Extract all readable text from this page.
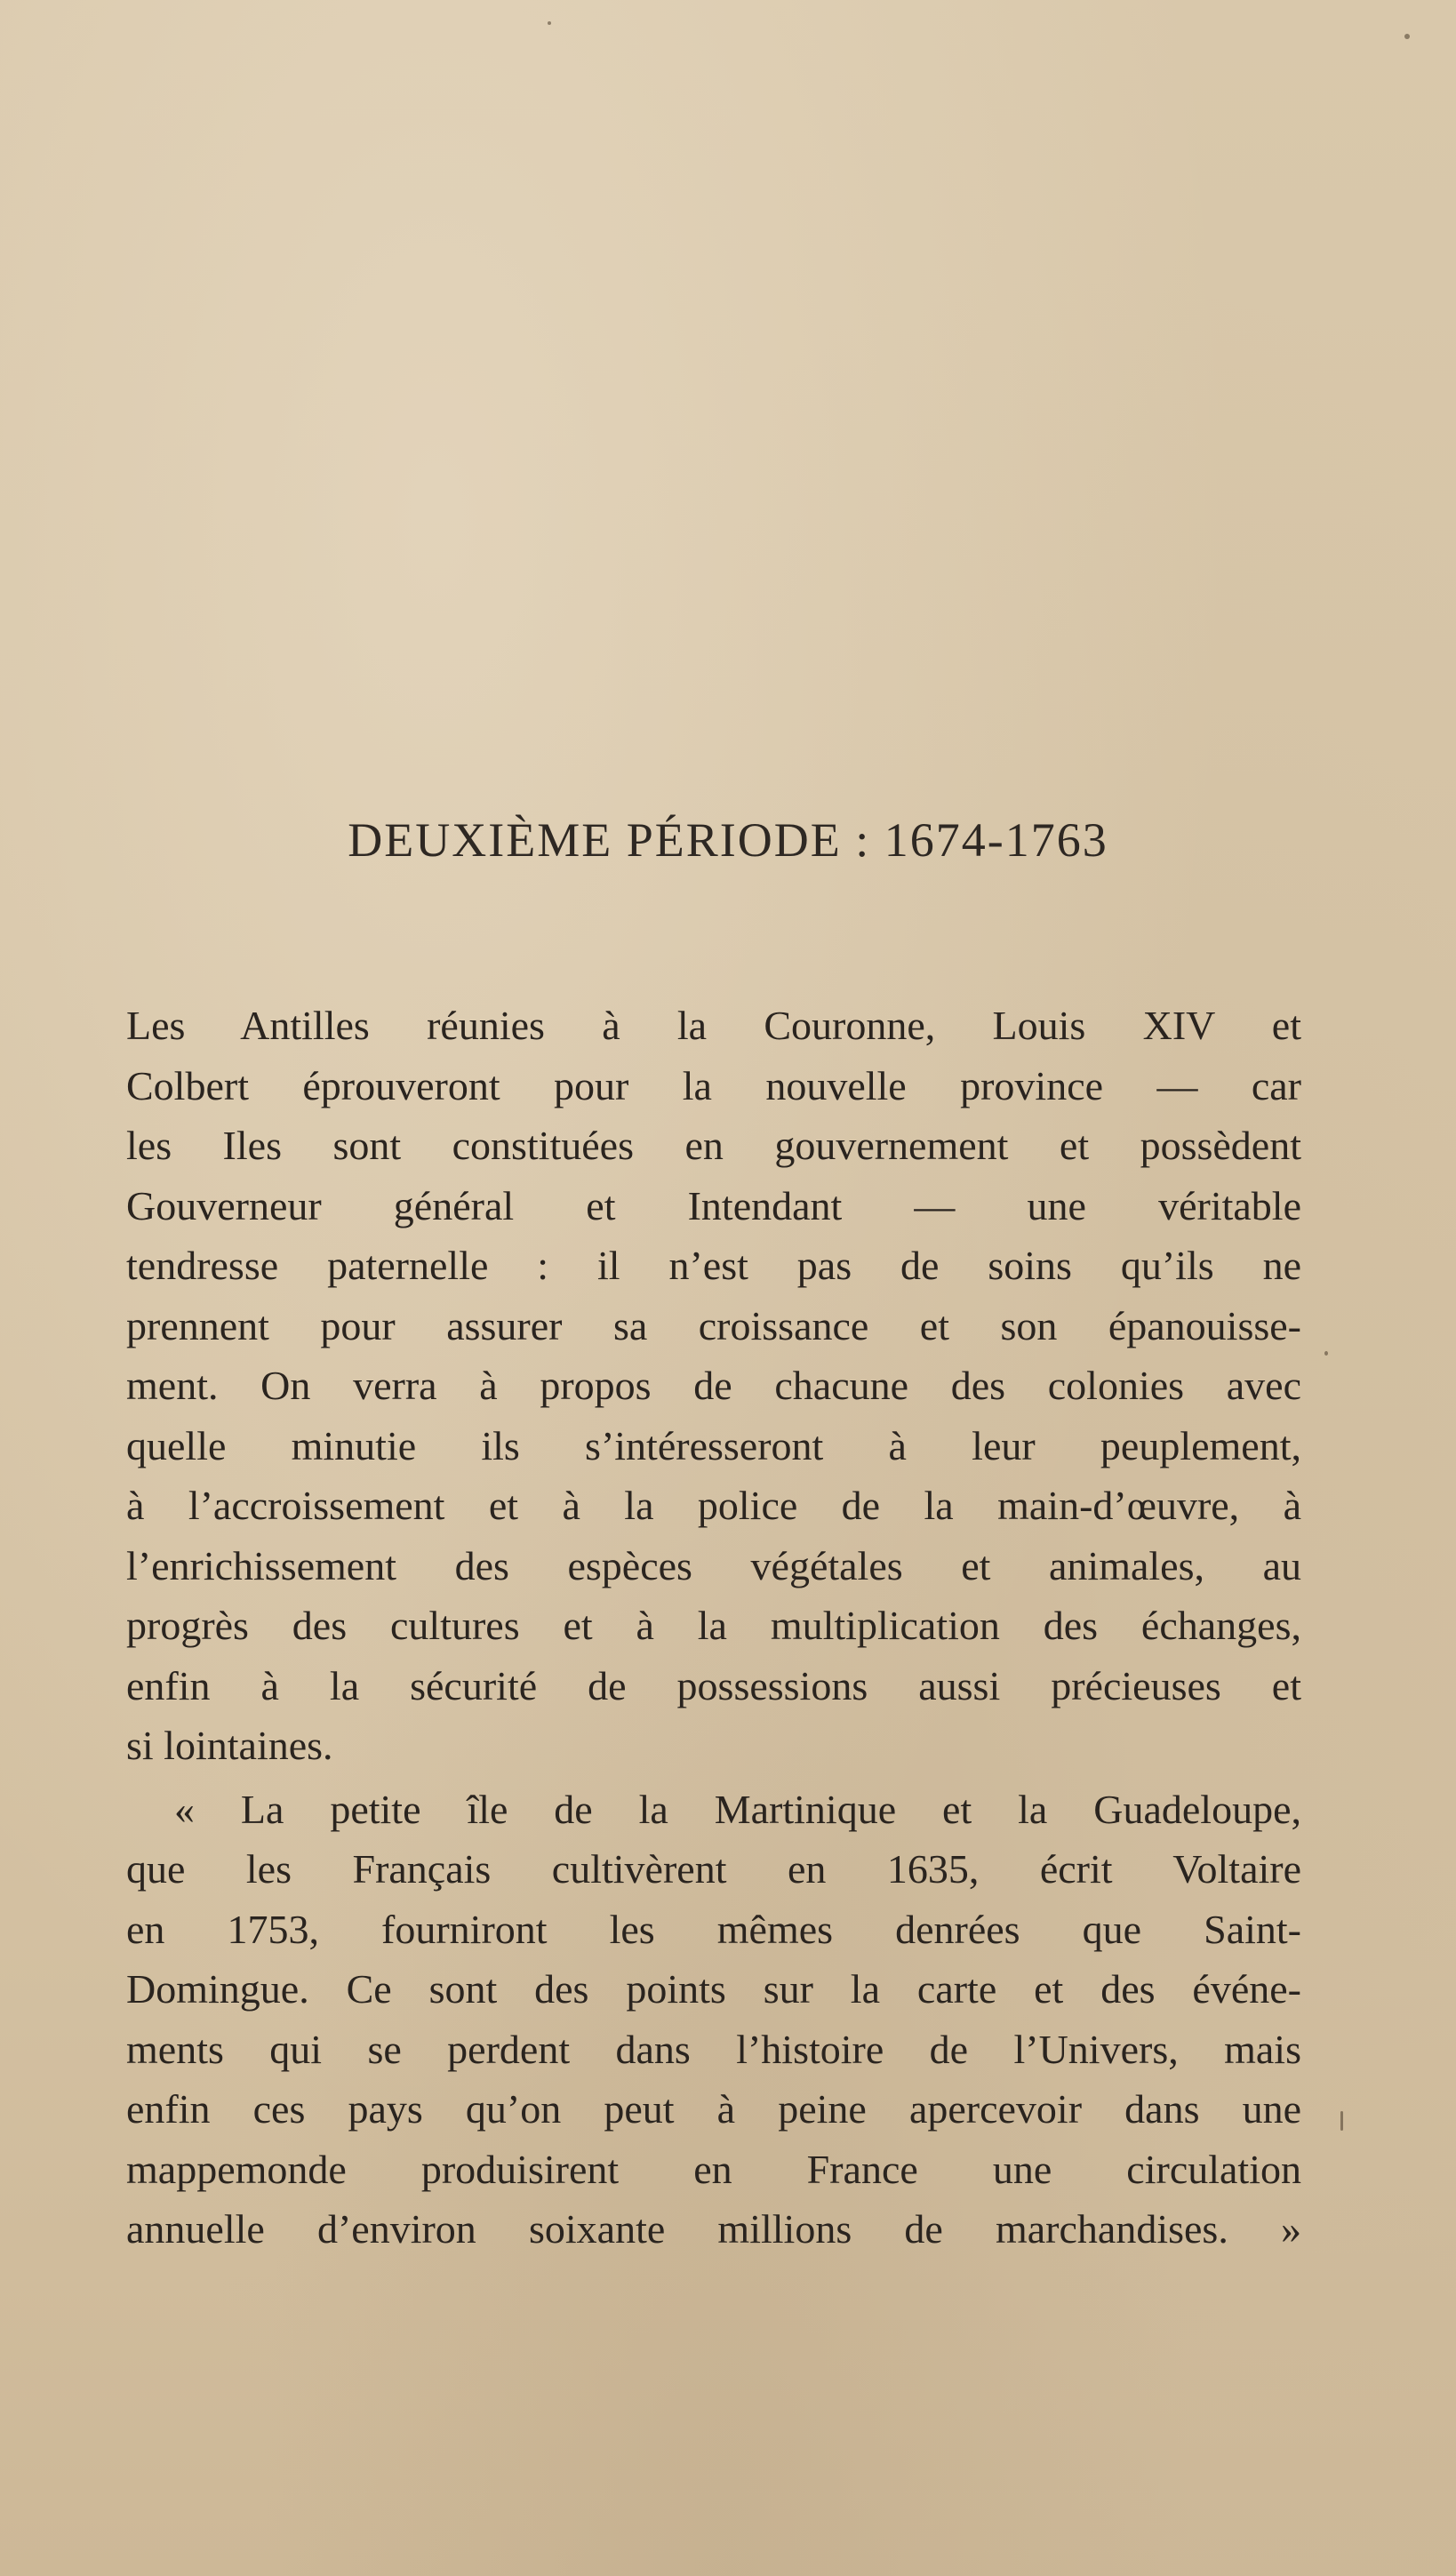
DEUXIÈME PÉRIODE : 1674-1763

Les Antilles réunies à la Couronne, Louis XIV et
Colbert éprouveront pour la nouvelle province — car
les Iles sont constituées en gouvernement et possèdent
Gouverneur général et Intendant — une véritable
tendresse paternelle : il n’est pas de soins qu’ils ne
prennent pour assurer sa croissance et son épanouisse-
ment. On verra à propos de chacune des colonies avec
quelle minutie ils s’intéresseront à leur peuplement,
à l’accroissement et à la police de la main-d’œuvre, à
l’enrichissement des espèces végétales et animales, au
progrès des cultures et à la multiplication des échanges,
enfin à la sécurité de possessions aussi précieuses et
si lointaines.

« La petite île de la Martinique et la Guadeloupe,
que les Français cultivèrent en 1635, écrit Voltaire
en 1753, fourniront les mêmes denrées que Saint-
Domingue. Ce sont des points sur la carte et des événe-
ments qui se perdent dans l’histoire de l’Univers, mais
enfin ces pays qu’on peut à peine apercevoir dans une
mappemonde produisirent en France une circulation
annuelle d’environ soixante millions de marchandises. »
